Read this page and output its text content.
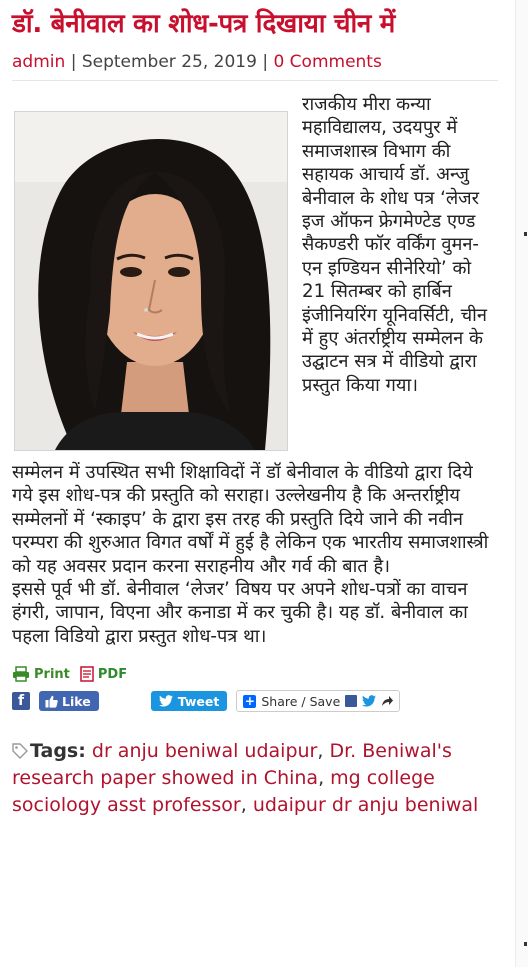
डॉ. बेनीवाल का शोध-पत्र दिखाया चीन में
admin | September 25, 2019 | 0 Comments

राजकीय मीरा कन्या महाविद्यालय, उदयपुर में समाजशास्त्र विभाग की सहायक आचार्य डॉ. अन्जु बेनीवाल के शोध पत्र ‘लेजर इज ऑफन फ्रेगमेण्टेड एण्ड सैकण्डरी फॉर वर्किंग वुमन- एन इण्डियन सीनेरियो’ को 21 सितम्बर को हार्बिन इंजीनियरिंग यूनिवर्सिटी, चीन में हुए अंतर्राष्ट्रीय सम्मेलन के उद्घाटन सत्र में वीडियो द्वारा प्रस्तुत किया गया।

सम्मेलन में उपस्थित सभी शिक्षाविदों नें डॉ बेनीवाल के वीडियो द्वारा दिये गये इस शोध-पत्र की प्रस्तुति को सराहा। उल्लेखनीय है कि अन्तर्राष्ट्रीय सम्मेलनों में ‘स्काइप’ के द्वारा इस तरह की प्रस्तुति दिये जाने की नवीन परम्परा की शुरुआत विगत वर्षों में हुई है लेकिन एक भारतीय समाजशास्त्री को यह अवसर प्रदान करना सराहनीय और गर्व की बात है।

इससे पूर्व भी डॉ. बेनीवाल ‘लेजर’ विषय पर अपने शोध-पत्रों का वाचन हंगरी, जापान, विएना और कनाडा में कर चुकी है। यह डॉ. बेनीवाल का पहला विडियो द्वारा प्रस्तुत शोध-पत्र था।

Print PDF
f	Like	Tweet + Share / Save
Tags: dr anju beniwal udaipur, Dr. Beniwal's research paper showed in China, mg college sociology asst professor, udaipur dr anju beniwal
